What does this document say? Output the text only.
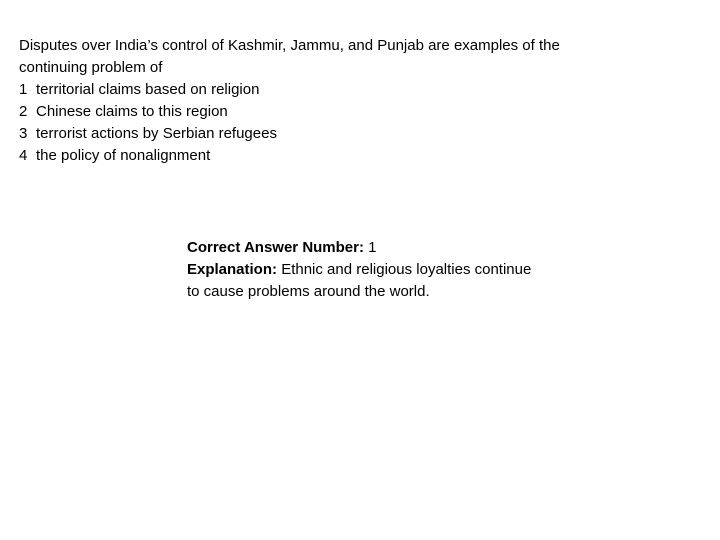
Disputes over India’s control of Kashmir, Jammu, and Punjab are examples of the continuing problem of

1 territorial claims based on religion
2 Chinese claims to this region
3 terrorist actions by Serbian refugees
4 the policy of nonalignment

Correct Answer Number: 1

Explanation: Ethnic and religious loyalties continue to cause problems around the world.
